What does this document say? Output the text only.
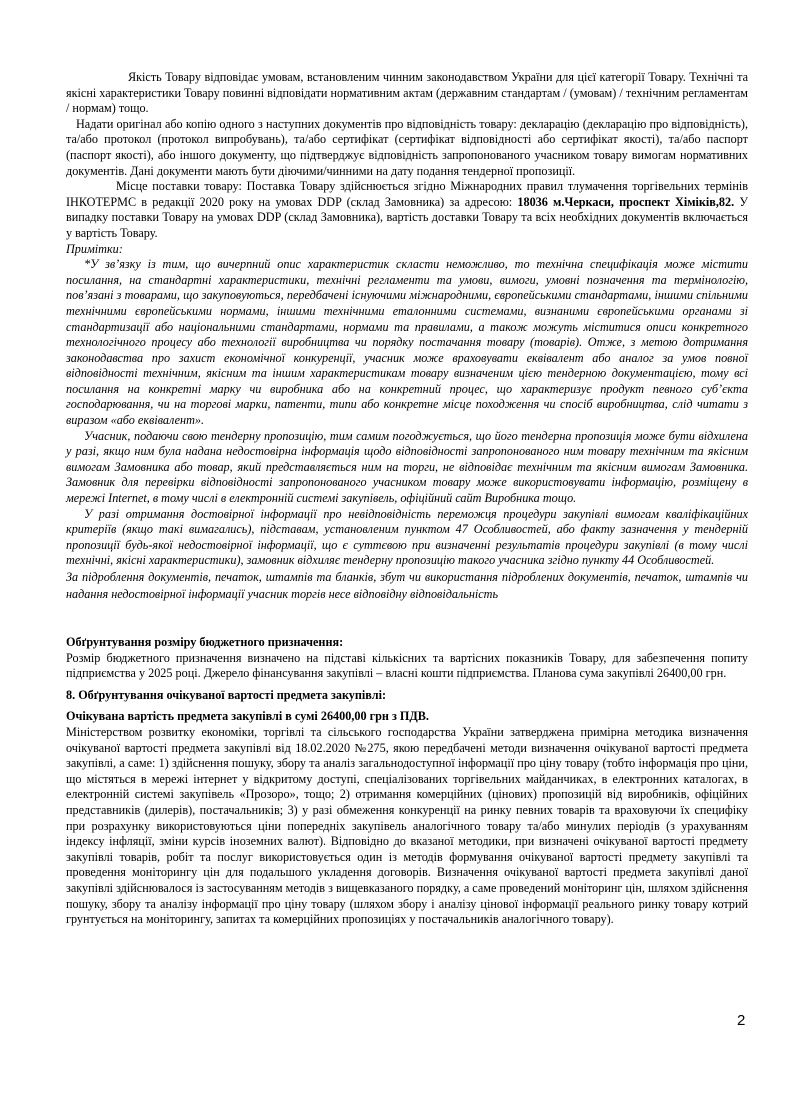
Якість Товару відповідає умовам, встановленим чинним законодавством України для цієї категорії Товару. Технічні та якісні характеристики Товару повинні відповідати нормативним актам (державним стандартам / (умовам) / технічним регламентам / нормам) тощо.

Надати оригінал або копію одного з наступних документів про відповідність товару: декларацію (декларацію про відповідність), та/або протокол (протокол випробувань), та/або сертифікат (сертифікат відповідності або сертифікат якості), та/або паспорт (паспорт якості), або іншого документу, що підтверджує відповідність запропонованого учасником товару вимогам нормативних документів. Дані документи мають бути діючими/чинними на дату подання тендерної пропозиції.

Місце поставки товару: Поставка Товару здійснюється згідно Міжнародних правил тлумачення торгівельних термінів ІНКОТЕРМС в редакції 2020 року на умовах DDP (склад Замовника) за адресою: 18036 м.Черкаси, проспект Хіміків,82. У випадку поставки Товару на умовах DDP (склад Замовника), вартість доставки Товару та всіх необхідних документів включається у вартість Товару.

Примітки:

*У зв’язку із тим, що вичерпний опис характеристик скласти неможливо, то технічна специфікація може містити посилання, на стандартні характеристики, технічні регламенти та умови, вимоги, умовні позначення та термінологію, пов’язані з товарами, що закуповуються, передбачені існуючими міжнародними, європейськими стандартами, іншими спільними технічними європейськими нормами, іншими технічними еталонними системами, визнаними європейськими органами зі стандартизації або національними стандартами, нормами та правилами, а також можуть міститися описи конкретного технологічного процесу або технології виробництва чи порядку постачання товару (товарів). Отже, з метою дотримання законодавства про захист економічної конкуренції, учасник може враховувати еквівалент або аналог за умов повної відповідності технічним, якісним та іншим характеристикам товару визначеним цією тендерною документацією, тому всі посилання на конкретні марку чи виробника або на конкретний процес, що характеризує продукт певного суб’єкта господарювання, чи на торгові марки, патенти, типи або конкретне місце походження чи спосіб виробництва, слід читати з виразом «або еквівалент».

Учасник, подаючи свою тендерну пропозицію, тим самим погоджується, що його тендерна пропозиція може бути відхилена у разі, якщо ним була надана недостовірна інформація щодо відповідності запропонованого ним товару технічним та якісним вимогам Замовника або товар, який представляється ним на торги, не відповідає технічним та якісним вимогам Замовника. Замовник для перевірки відповідності запропонованого учасником товару може використовувати інформацію, розміщену в мережі Internet, в тому числі в електронній системі закупівель, офіційний сайт Виробника тощо.

У разі отримання достовірної інформації про невідповідність переможця процедури закупівлі вимогам кваліфікаційних критеріїв (якщо такі вимагались), підставам, установленим пунктом 47 Особливостей, або факту зазначення у тендерній пропозиції будь-якої недостовірної інформації, що є суттєвою при визначенні результатів процедури закупівлі (в тому числі технічні, якісні характеристики), замовник відхиляє тендерну пропозицію такого учасника згідно пункту 44 Особливостей.

За підроблення документів, печаток, штампів та бланків, збут чи використання підроблених документів, печаток, штампів чи надання недостовірної інформації учасник торгів несе відповідну відповідальність

Обґрунтування розміру бюджетного призначення:

Розмір бюджетного призначення визначено на підставі кількісних та вартісних показників Товару, для забезпечення попиту підприємства у 2025 році. Джерело фінансування закупівлі – власні кошти підприємства. Планова сума закупівлі 26400,00 грн.

8. Обґрунтування очікуваної вартості предмета закупівлі:

Очікувана вартість предмета закупівлі в сумі 26400,00 грн з ПДВ.

Міністерством розвитку економіки, торгівлі та сільського господарства України затверджена примірна методика визначення очікуваної вартості предмета закупівлі від 18.02.2020 №275, якою передбачені методи визначення очікуваної вартості предмета закупівлі, а саме: 1) здійснення пошуку, збору та аналіз загальнодоступної інформації про ціну товару (тобто інформація про ціни, що містяться в мережі інтернет у відкритому доступі, спеціалізованих торгівельних майданчиках, в електронних каталогах, в електронній системі закупівель «Прозоро», тощо; 2) отримання комерційних (цінових) пропозицій від виробників, офіційних представників (дилерів), постачальників; 3) у разі обмеження конкуренції на ринку певних товарів та враховуючи їх специфіку при розрахунку використовуються ціни попередніх закупівель аналогічного товару та/або минулих періодів (з урахуванням індексу інфляції, зміни курсів іноземних валют). Відповідно до вказаної методики, при визначені очікуваної вартості предмету закупівлі товарів, робіт та послуг використовується один із методів формування очікуваної вартості предмету закупівлі та проведення моніторингу цін для подальшого укладення договорів. Визначення очікуваної вартості предмета закупівлі даної закупівлі здійснювалося із застосуванням методів з вищевказаного порядку, а саме проведений моніторинг цін, шляхом здійснення пошуку, збору та аналізу інформації про ціну товару (шляхом збору і аналізу цінової інформації реального ринку товару котрий грунтується на моніторингу, запитах та комерційних пропозиціях у постачальників аналогічного товару).

2
